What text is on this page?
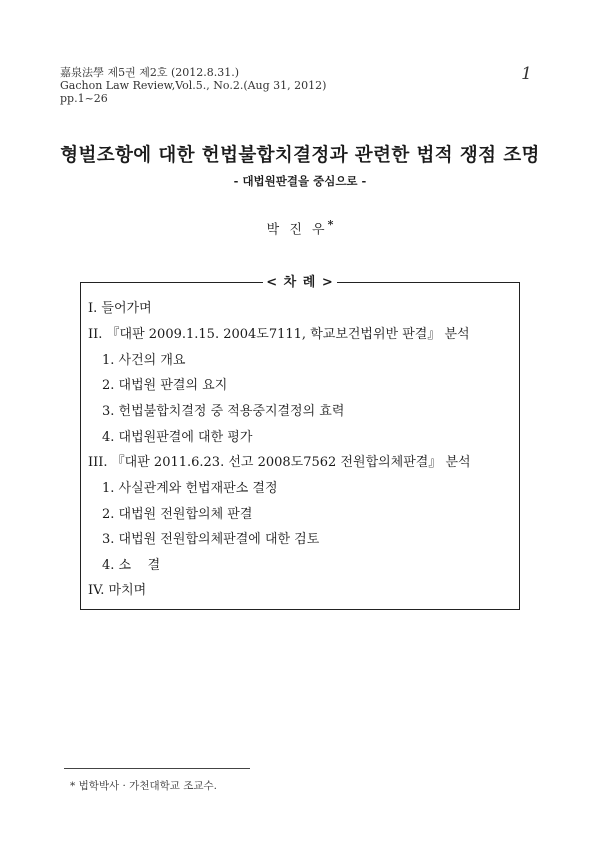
嘉泉法學 제5권 제2호 (2012.8.31.)
Gachon Law Review,Vol.5., No.2.(Aug 31, 2012)
pp.1~26
1
형벌조항에 대한 헌법불합치결정과 관련한 법적 쟁점 조명
- 대법원판결을 중심으로 -
박 진 우*
< 차 례 >
I. 들어가며
II. 『대판 2009.1.15. 2004도7111, 학교보건법위반 판결』 분석
1. 사건의 개요
2. 대법원 판결의 요지
3. 헌법불합치결정 중 적용중지결정의 효력
4. 대법원판결에 대한 평가
III. 『대판 2011.6.23. 선고 2008도7562 전원합의체판결』 분석
1. 사실관계와 헌법재판소 결정
2. 대법원 전원합의체 판결
3. 대법원 전원합의체판결에 대한 검토
4. 소    결
IV. 마치며
* 법학박사 · 가천대학교 조교수.
